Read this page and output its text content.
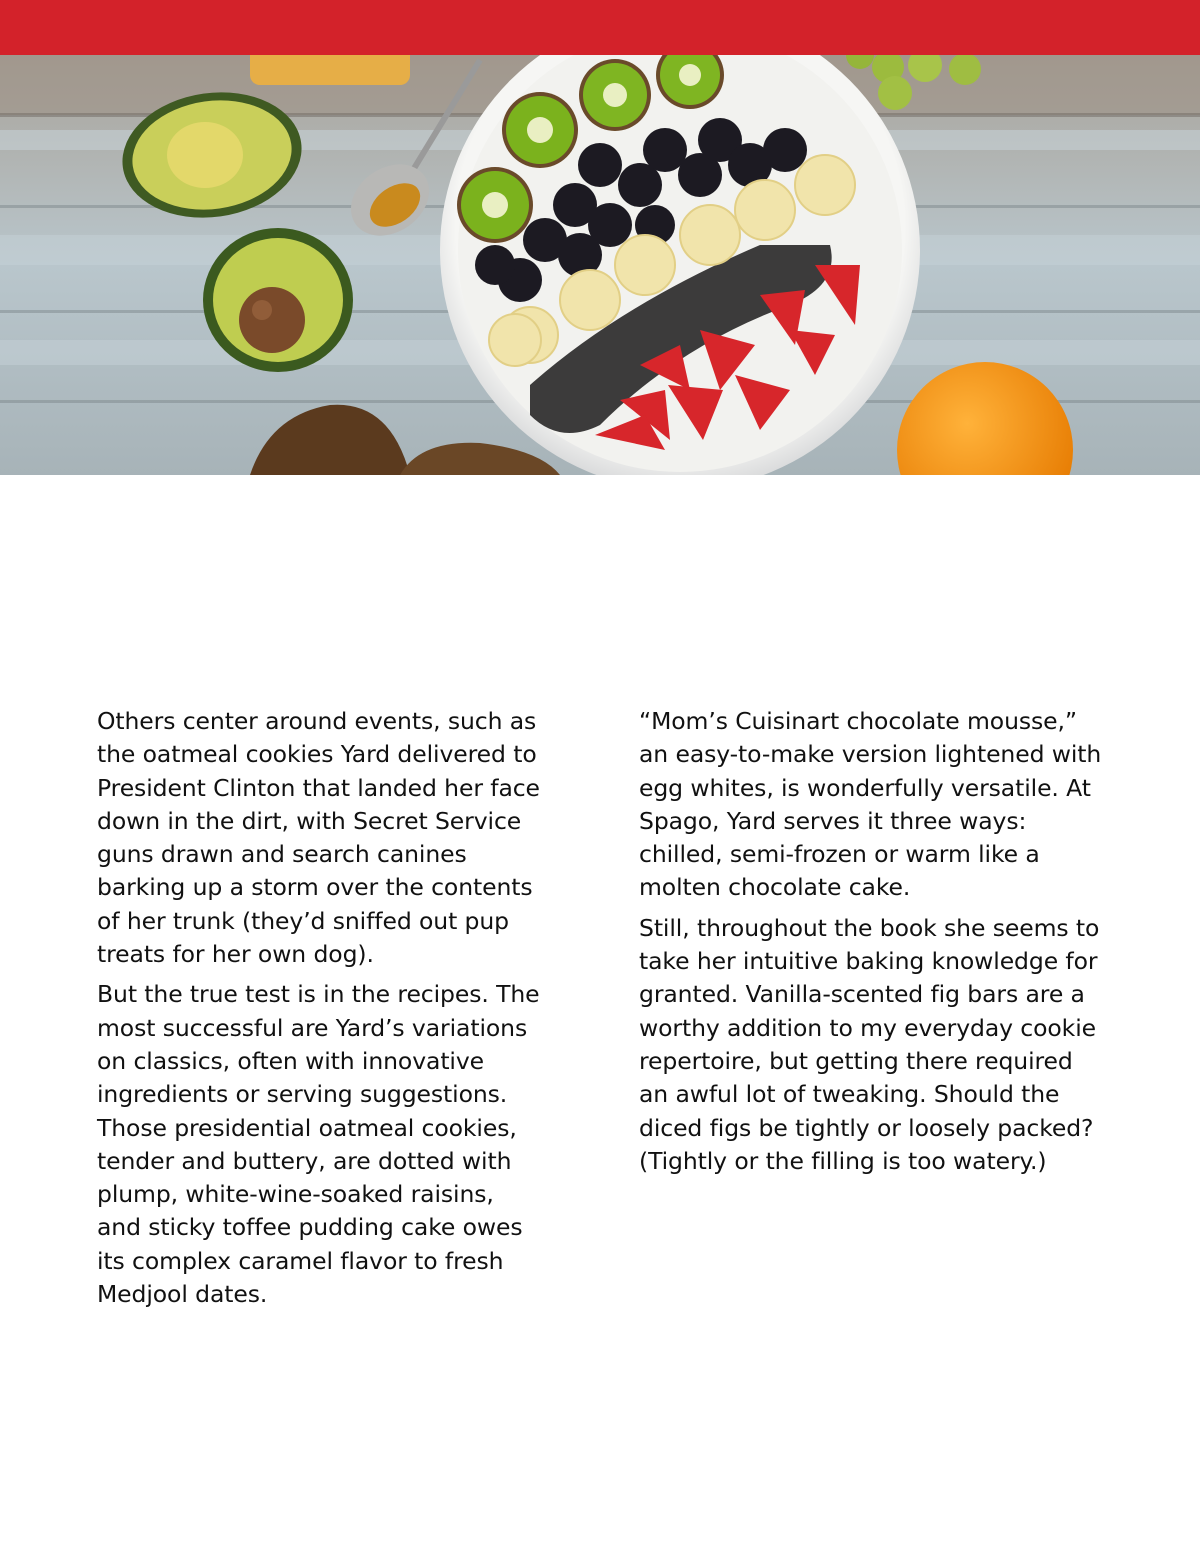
Others center around events, such as
the oatmeal cookies Yard delivered to
President Clinton that landed her face
down in the dirt, with Secret Service
guns drawn and search canines
barking up a storm over the contents
of her trunk (they’d sniffed out pup
treats for her own dog).

But the true test is in the recipes. The
most successful are Yard’s variations
on classics, often with innovative
ingredients or serving suggestions.
Those presidential oatmeal cookies,
tender and buttery, are dotted with
plump, white-wine-soaked raisins,
and sticky toffee pudding cake owes
its complex caramel flavor to fresh
Medjool dates.

“Mom’s Cuisinart chocolate mousse,”
an easy-to-make version lightened with
egg whites, is wonderfully versatile. At
Spago, Yard serves it three ways:
chilled, semi-frozen or warm like a
molten chocolate cake.

Still, throughout the book she seems to
take her intuitive baking knowledge for
granted. Vanilla-scented fig bars are a
worthy addition to my everyday cookie
repertoire, but getting there required
an awful lot of tweaking. Should the
diced figs be tightly or loosely packed?
(Tightly or the filling is too watery.)
